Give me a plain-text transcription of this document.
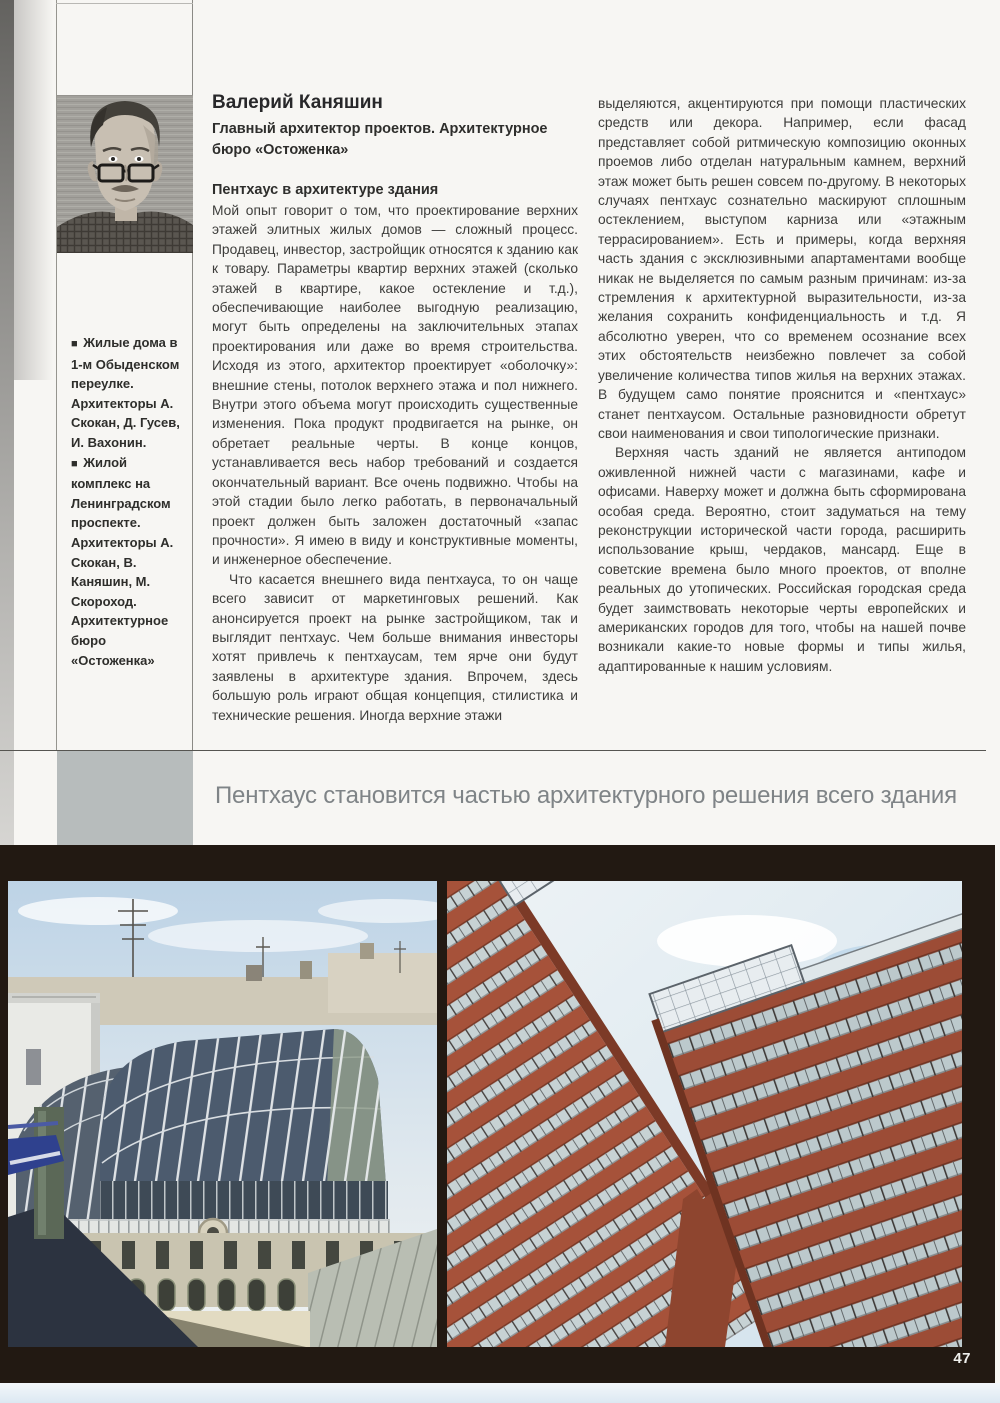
■ Жилые дома в 1-м Обыденском переулке. Архитекторы А. Скокан, Д. Гусев, И. Вахонин.
■ Жилой комплекс на Ленинградском проспекте. Архитекторы А. Скокан, В. Каняшин, М. Скороход. Архитектурное бюро «Остоженка»
Валерий Каняшин
Главный архитектор проектов. Архитектурное бюро «Остоженка»
Пентхаус в архитектуре здания

Мой опыт говорит о том, что проектирование верхних этажей элитных жилых домов — сложный процесс. Продавец, инвестор, застройщик относятся к зданию как к товару. Параметры квартир верхних этажей (сколько этажей в квартире, какое остекление и т.д.), обеспечивающие наиболее выгодную реализацию, могут быть определены на заключительных этапах проектирования или даже во время строительства. Исходя из этого, архитектор проектирует «оболочку»: внешние стены, потолок верхнего этажа и пол нижнего. Внутри этого объема могут происходить существенные изменения. Пока продукт продвигается на рынке, он обретает реальные черты. В конце концов, устанавливается весь набор требований и создается окончательный вариант. Все очень подвижно. Чтобы на этой стадии было легко работать, в первоначальный проект должен быть заложен достаточный «запас прочности». Я имею в виду и конструктивные моменты, и инженерное обеспечение.

Что касается внешнего вида пентхауса, то он чаще всего зависит от маркетинговых решений. Как анонсируется проект на рынке застройщиком, так и выглядит пентхаус. Чем больше внимания инвесторы хотят привлечь к пентхаусам, тем ярче они будут заявлены в архитектуре здания. Впрочем, здесь большую роль играют общая концепция, стилистика и технические решения. Иногда верхние этажи

выделяются, акцентируются при помощи пластических средств или декора. Например, если фасад представляет собой ритмическую композицию оконных проемов либо отделан натуральным камнем, верхний этаж может быть решен совсем по-другому. В некоторых случаях пентхаус сознательно маскируют сплошным остеклением, выступом карниза или «этажным террасированием». Есть и примеры, когда верхняя часть здания с эксклюзивными апартаментами вообще никак не выделяется по самым разным причинам: из-за стремления к архитектурной выразительности, из-за желания сохранить конфиденциальность и т.д. Я абсолютно уверен, что со временем осознание всех этих обстоятельств неизбежно повлечет за собой увеличение количества типов жилья на верхних этажах. В будущем само понятие прояснится и «пентхаус» станет пентхаусом. Остальные разновидности обретут свои наименования и свои типологические признаки.

Верхняя часть зданий не является антиподом оживленной нижней части с магазинами, кафе и офисами. Наверху может и должна быть сформирована особая среда. Вероятно, стоит задуматься на тему реконструкции исторической части города, расширить использование крыш, чердаков, мансард. Еще в советские времена было много проектов, от вполне реальных до утопических. Российская городская среда будет заимствовать некоторые черты европейских и американских городов для того, чтобы на нашей почве возникали какие-то новые формы и типы жилья, адаптированные к нашим условиям.

Пентхаус становится частью архитектурного решения всего здания
47
